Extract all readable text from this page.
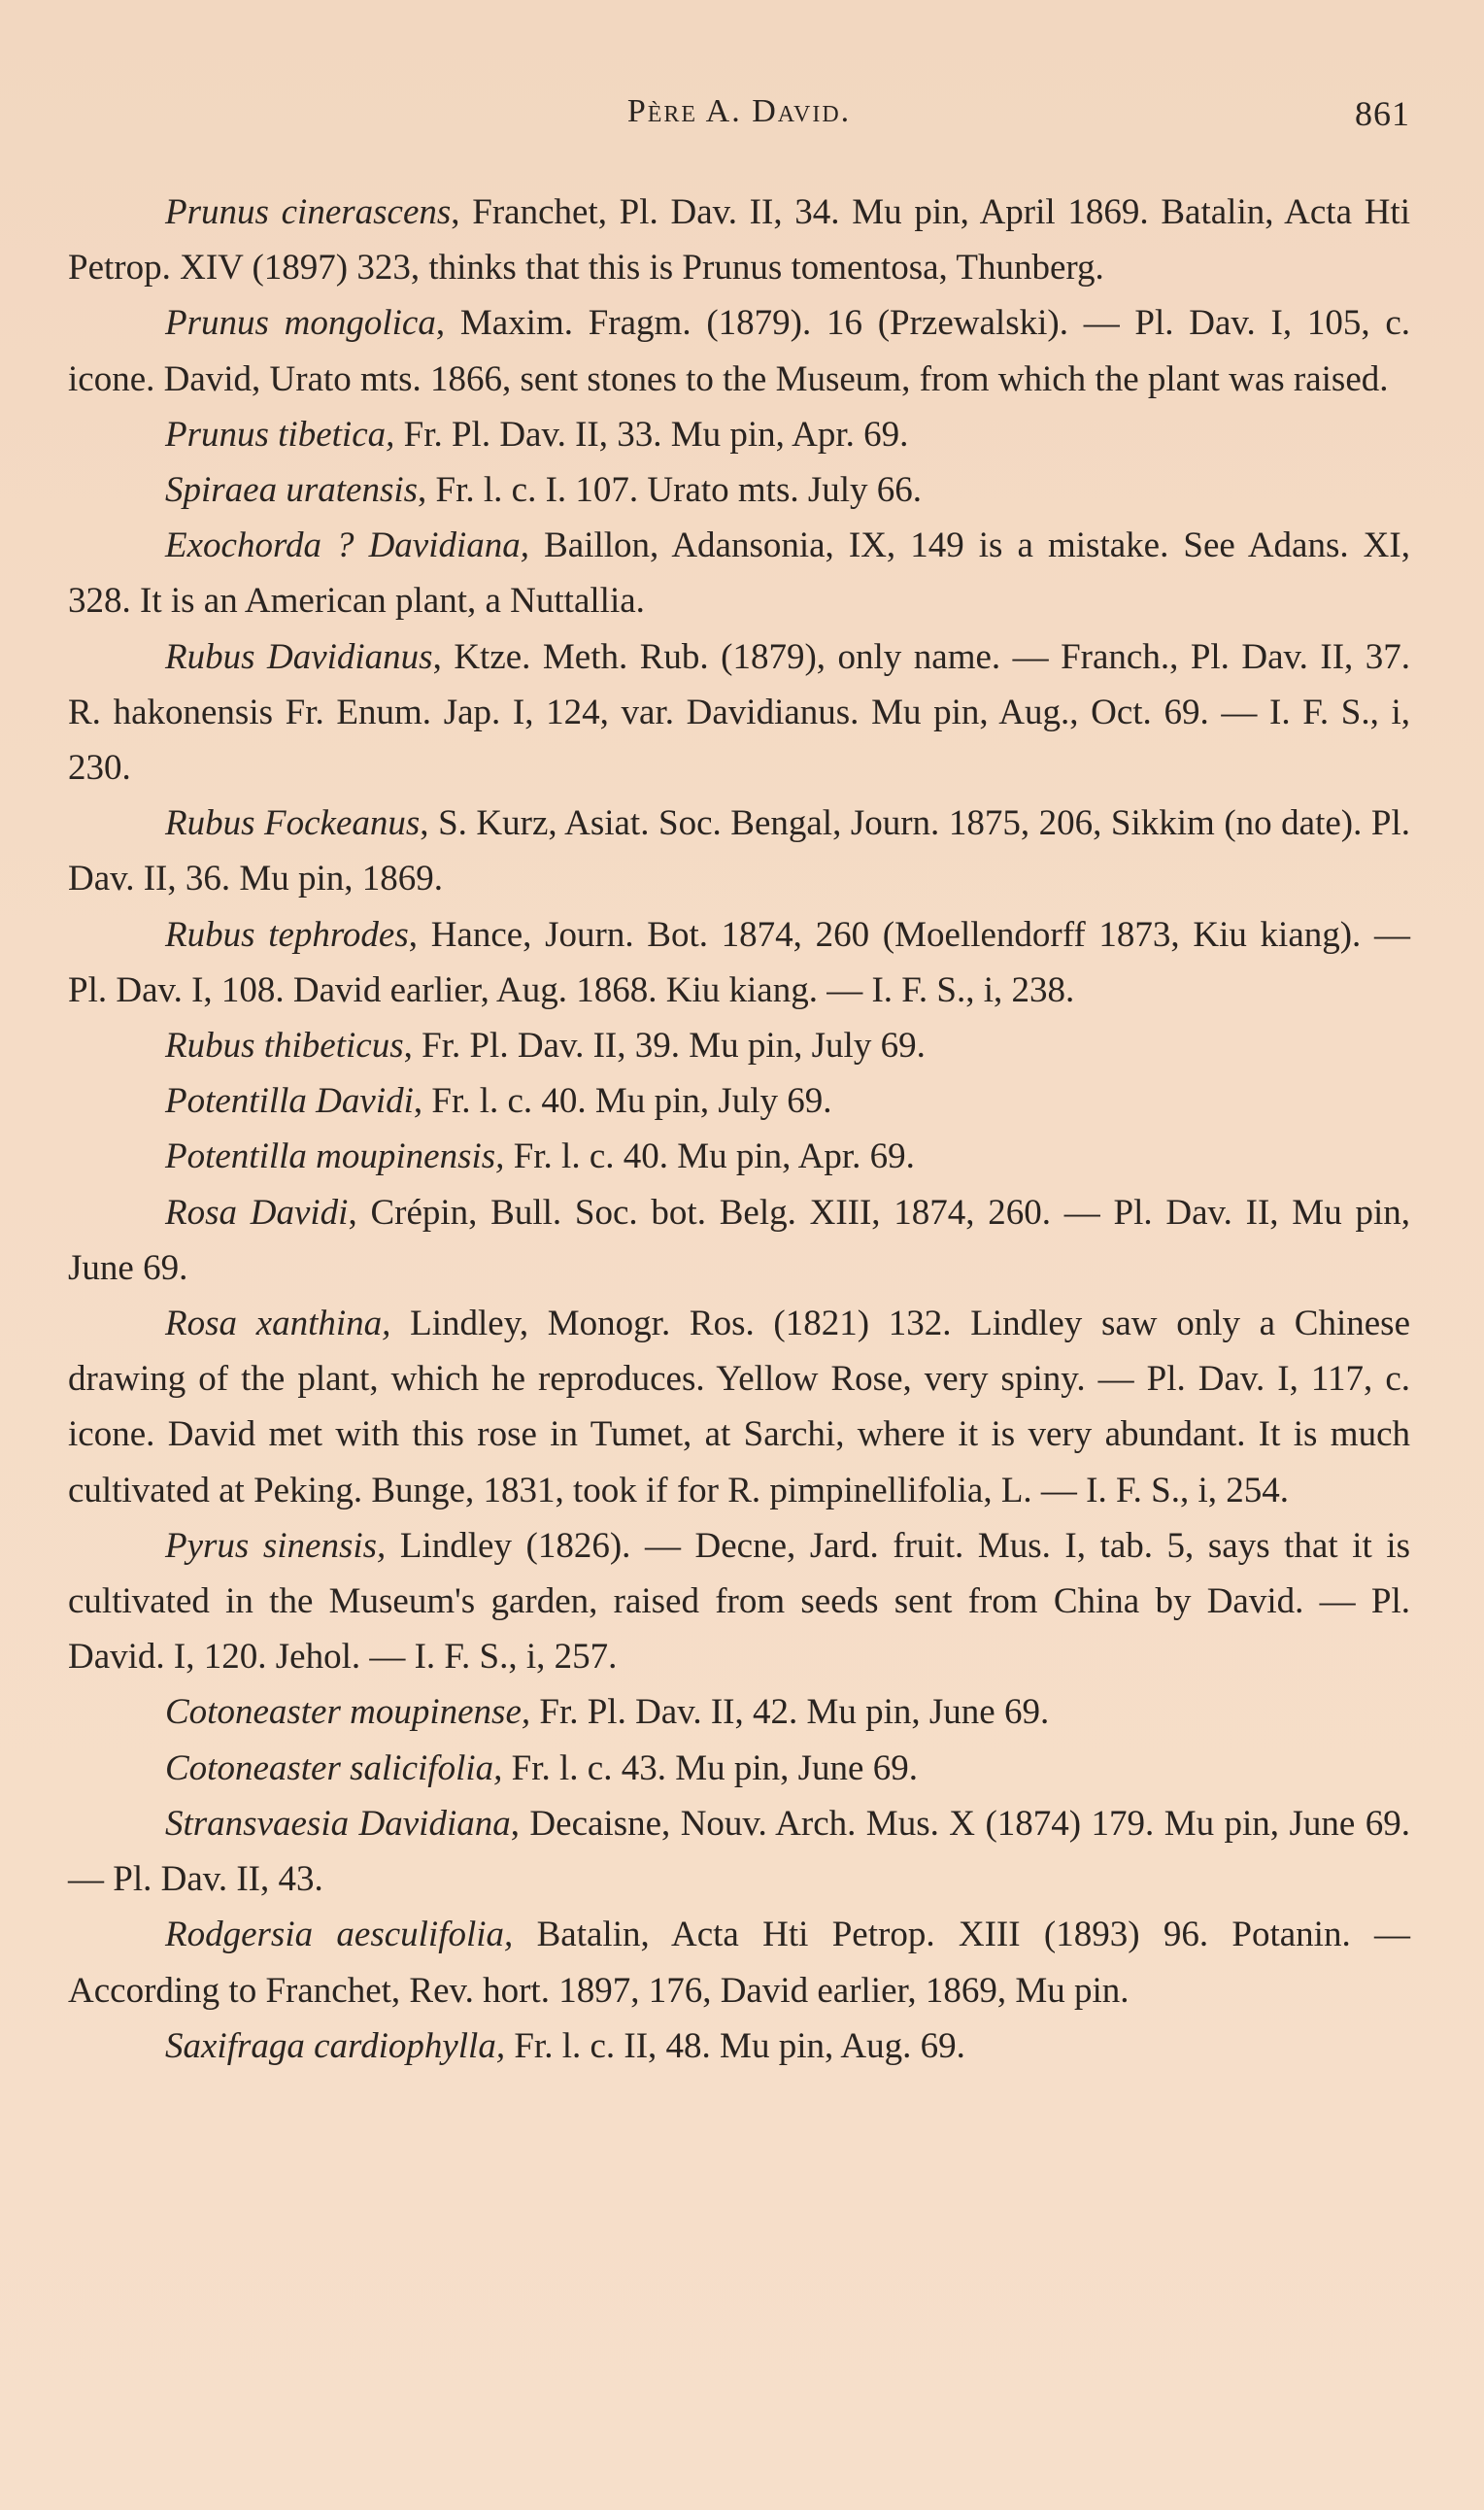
Père A. David.	861

Prunus cinerascens, Franchet, Pl. Dav. II, 34. Mu pin, April 1869. Batalin, Acta Hti Petrop. XIV (1897) 323, thinks that this is Prunus tomentosa, Thunberg.

Prunus mongolica, Maxim. Fragm. (1879). 16 (Przewalski). — Pl. Dav. I, 105, c. icone. David, Urato mts. 1866, sent stones to the Museum, from which the plant was raised.

Prunus tibetica, Fr. Pl. Dav. II, 33. Mu pin, Apr. 69.

Spiraea uratensis, Fr. l. c. I. 107. Urato mts. July 66.

Exochorda ? Davidiana, Baillon, Adansonia, IX, 149 is a mistake. See Adans. XI, 328. It is an American plant, a Nuttallia.

Rubus Davidianus, Ktze. Meth. Rub. (1879), only name. — Franch., Pl. Dav. II, 37. R. hakonensis Fr. Enum. Jap. I, 124, var. Davidianus. Mu pin, Aug., Oct. 69. — I. F. S., i, 230.

Rubus Fockeanus, S. Kurz, Asiat. Soc. Bengal, Journ. 1875, 206, Sikkim (no date). Pl. Dav. II, 36. Mu pin, 1869.

Rubus tephrodes, Hance, Journ. Bot. 1874, 260 (Moellendorff 1873, Kiu kiang). — Pl. Dav. I, 108. David earlier, Aug. 1868. Kiu kiang. — I. F. S., i, 238.

Rubus thibeticus, Fr. Pl. Dav. II, 39. Mu pin, July 69.

Potentilla Davidi, Fr. l. c. 40. Mu pin, July 69.

Potentilla moupinensis, Fr. l. c. 40. Mu pin, Apr. 69.

Rosa Davidi, Crépin, Bull. Soc. bot. Belg. XIII, 1874, 260. — Pl. Dav. II, Mu pin, June 69.

Rosa xanthina, Lindley, Monogr. Ros. (1821) 132. Lindley saw only a Chinese drawing of the plant, which he reproduces. Yellow Rose, very spiny. — Pl. Dav. I, 117, c. icone. David met with this rose in Tumet, at Sarchi, where it is very abundant. It is much cultivated at Peking. Bunge, 1831, took if for R. pimpinellifolia, L. — I. F. S., i, 254.

Pyrus sinensis, Lindley (1826). — Decne, Jard. fruit. Mus. I, tab. 5, says that it is cultivated in the Museum's garden, raised from seeds sent from China by David. — Pl. David. I, 120. Jehol. — I. F. S., i, 257.

Cotoneaster moupinense, Fr. Pl. Dav. II, 42. Mu pin, June 69.

Cotoneaster salicifolia, Fr. l. c. 43. Mu pin, June 69.

Stransvaesia Davidiana, Decaisne, Nouv. Arch. Mus. X (1874) 179. Mu pin, June 69. — Pl. Dav. II, 43.

Rodgersia aesculifolia, Batalin, Acta Hti Petrop. XIII (1893) 96. Potanin. — According to Franchet, Rev. hort. 1897, 176, David earlier, 1869, Mu pin.

Saxifraga cardiophylla, Fr. l. c. II, 48. Mu pin, Aug. 69.
